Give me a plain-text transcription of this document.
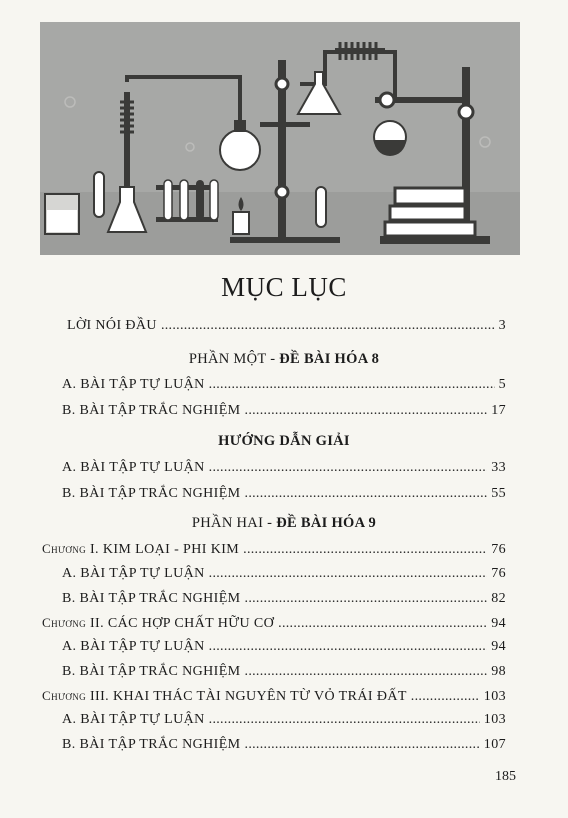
MỤC LỤC
LỜI NÓI ĐẦU . . .	3
PHẦN MỘT - ĐỀ BÀI HÓA 8
A. BÀI TẬP TỰ LUẬN . . .	5
B. BÀI TẬP TRẮC NGHIỆM . . .	17
HƯỚNG DẪN GIẢI
A. BÀI TẬP TỰ LUẬN . . .	33
B. BÀI TẬP TRẮC NGHIỆM . . .	55
PHẦN HAI - ĐỀ BÀI HÓA 9
Chương I. KIM LOẠI - PHI KIM . . .	76
A. BÀI TẬP TỰ LUẬN . . .	76
B. BÀI TẬP TRẮC NGHIỆM . . .	82
Chương II. CÁC HỢP CHẤT HỮU CƠ . . .	94
A. BÀI TẬP TỰ LUẬN . . .	94
B. BÀI TẬP TRẮC NGHIỆM . . .	98
Chương III. KHAI THÁC TÀI NGUYÊN TỪ VỎ TRÁI ĐẤT . . .	103
A. BÀI TẬP TỰ LUẬN . . .	103
B. BÀI TẬP TRẮC NGHIỆM . . .	107
185
